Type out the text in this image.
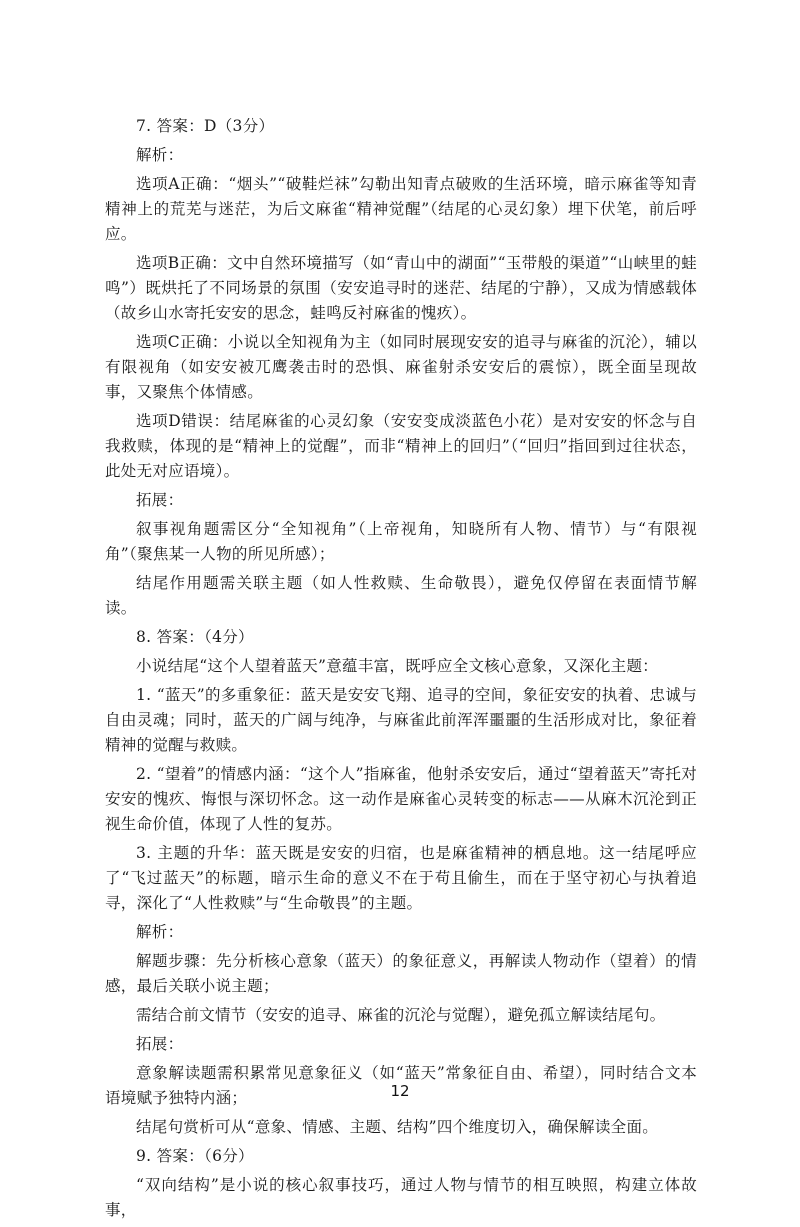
7. 答案：D（3分）

解析：

选项A正确：“烟头”“破鞋烂袜”勾勒出知青点破败的生活环境，暗示麻雀等知青精神上的荒芜与迷茫，为后文麻雀“精神觉醒”（结尾的心灵幻象）埋下伏笔，前后呼应。

选项B正确：文中自然环境描写（如“青山中的湖面”“玉带般的渠道”“山峡里的蛙鸣”）既烘托了不同场景的氛围（安安追寻时的迷茫、结尾的宁静），又成为情感载体（故乡山水寄托安安的思念，蛙鸣反衬麻雀的愧疚）。

选项C正确：小说以全知视角为主（如同时展现安安的追寻与麻雀的沉沦），辅以有限视角（如安安被兀鹰袭击时的恐惧、麻雀射杀安安后的震惊），既全面呈现故事，又聚焦个体情感。

选项D错误：结尾麻雀的心灵幻象（安安变成淡蓝色小花）是对安安的怀念与自我救赎，体现的是“精神上的觉醒”，而非“精神上的回归”（“回归”指回到过往状态，此处无对应语境）。

拓展：

叙事视角题需区分“全知视角”（上帝视角，知晓所有人物、情节）与“有限视角”（聚焦某一人物的所见所感）；

结尾作用题需关联主题（如人性救赎、生命敬畏），避免仅停留在表面情节解读。

8. 答案：（4分）

小说结尾“这个人望着蓝天”意蕴丰富，既呼应全文核心意象，又深化主题：

1. “蓝天”的多重象征：蓝天是安安飞翔、追寻的空间，象征安安的执着、忠诚与自由灵魂；同时，蓝天的广阔与纯净，与麻雀此前浑浑噩噩的生活形成对比，象征着精神的觉醒与救赎。

2. “望着”的情感内涵：“这个人”指麻雀，他射杀安安后，通过“望着蓝天”寄托对安安的愧疚、悔恨与深切怀念。这一动作是麻雀心灵转变的标志——从麻木沉沦到正视生命价值，体现了人性的复苏。

3. 主题的升华：蓝天既是安安的归宿，也是麻雀精神的栖息地。这一结尾呼应了“飞过蓝天”的标题，暗示生命的意义不在于苟且偷生，而在于坚守初心与执着追寻，深化了“人性救赎”与“生命敬畏”的主题。

解析：

解题步骤：先分析核心意象（蓝天）的象征意义，再解读人物动作（望着）的情感，最后关联小说主题；

需结合前文情节（安安的追寻、麻雀的沉沦与觉醒），避免孤立解读结尾句。

拓展：

意象解读题需积累常见意象征义（如“蓝天”常象征自由、希望），同时结合文本语境赋予独特内涵；

结尾句赏析可从“意象、情感、主题、结构”四个维度切入，确保解读全面。

9. 答案：（6分）

“双向结构”是小说的核心叙事技巧，通过人物与情节的相互映照，构建立体故事，

12
